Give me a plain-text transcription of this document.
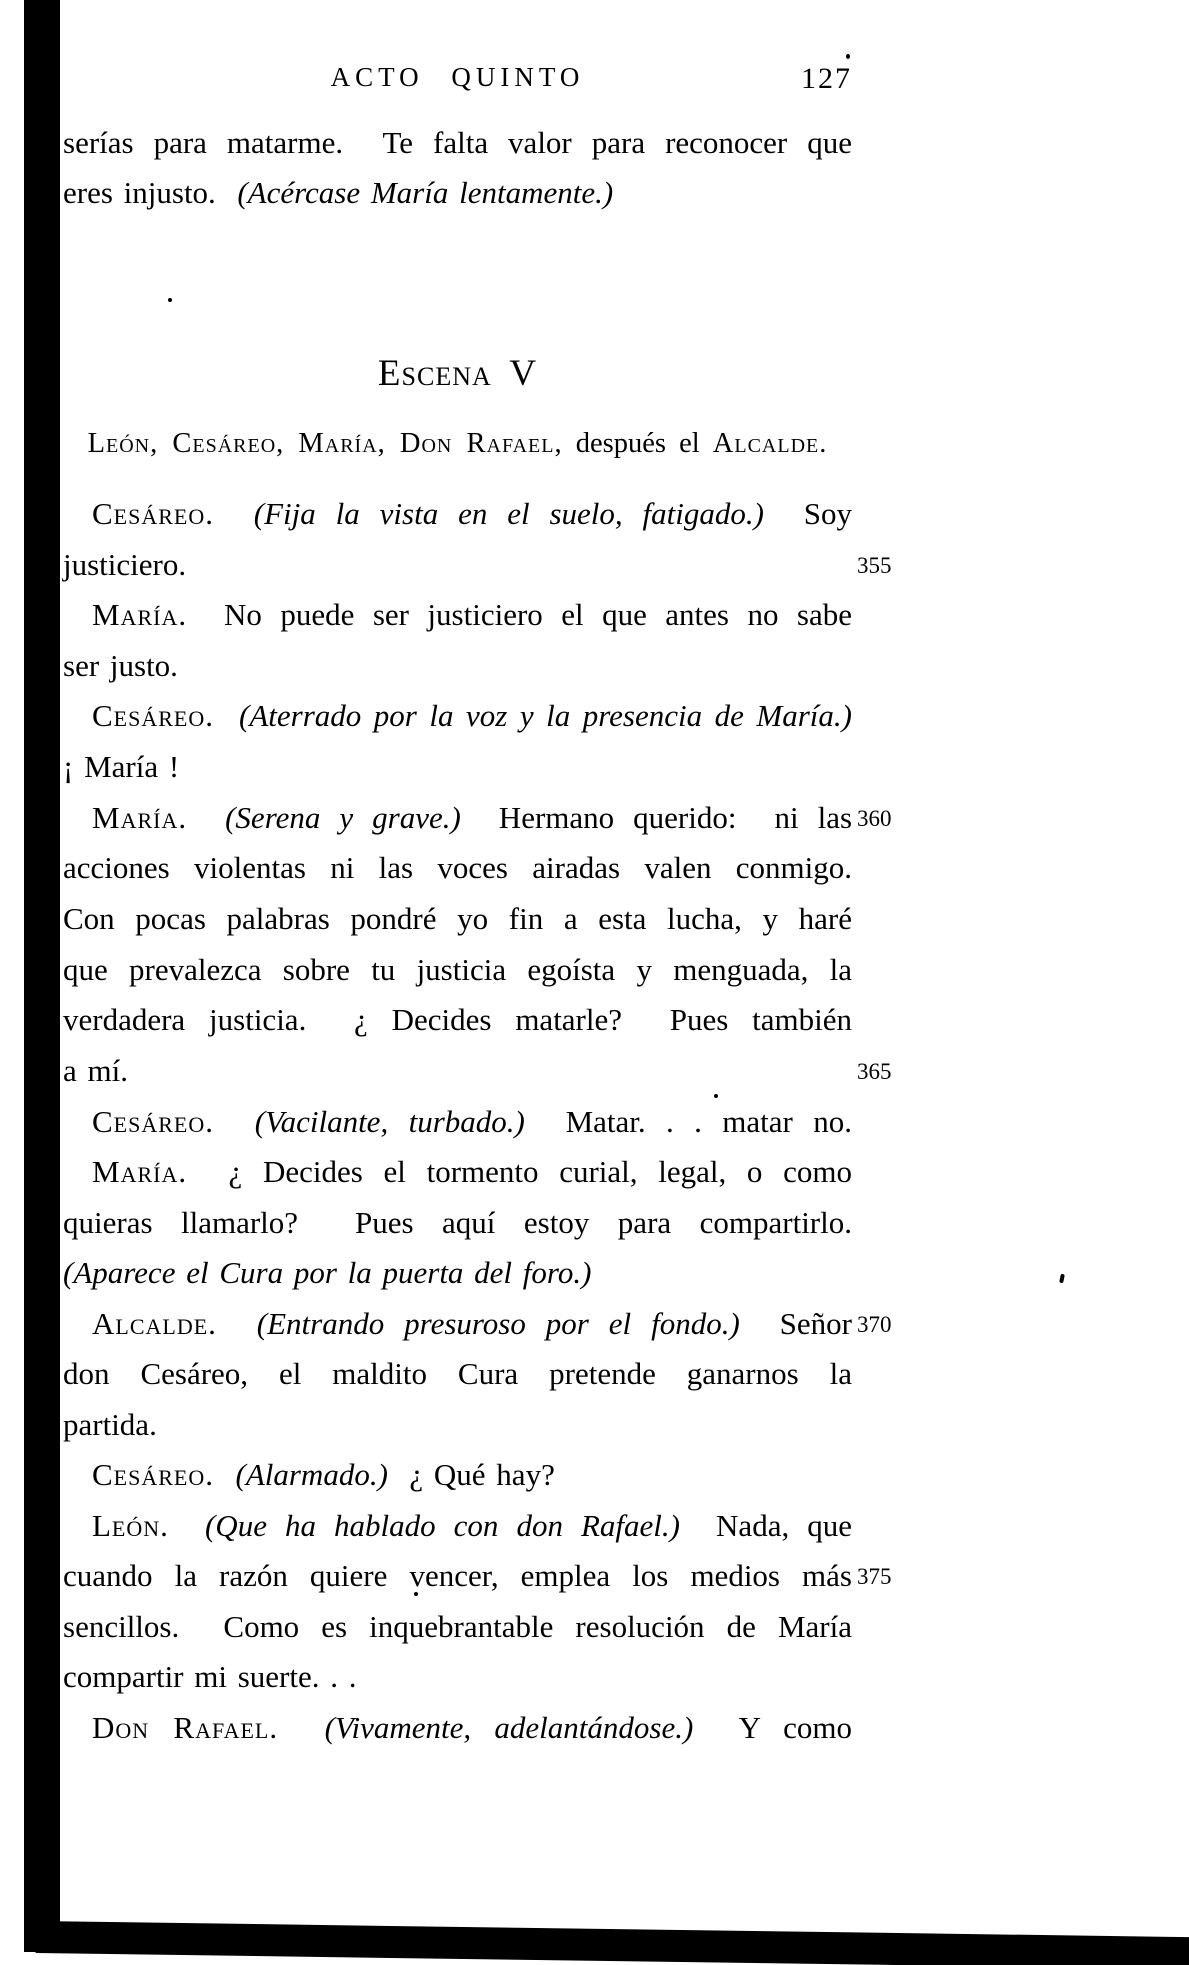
ACTO QUINTO	127
serías para matarme.  Te falta valor para reconocer que
eres injusto.  (Acércase María lentamente.)
Escena V
León, Cesáreo, María, Don Rafael, después el Alcalde.
Cesáreo. (Fija la vista en el suelo, fatigado.)  Soy
justiciero.	355
María.  No puede ser justiciero el que antes no sabe
ser justo.
Cesáreo. (Aterrado por la voz y la presencia de María.)
¡ María !
María. (Serena y grave.)  Hermano querido:  ni las 360
acciones violentas ni las voces airadas valen conmigo.
Con pocas palabras pondré yo fin a esta lucha, y haré
que prevalezca sobre tu justicia egoísta y menguada, la
verdadera justicia.  ¿ Decides matarle?  Pues también
a mí.	365
Cesáreo. (Vacilante, turbado.)  Matar. . . matar no.
María.  ¿ Decides el tormento curial, legal, o como
quieras llamarlo?  Pues aquí estoy para compartirlo.
(Aparece el Cura por la puerta del foro.)
Alcalde. (Entrando presuroso por el fondo.)  Señor 370
don Cesáreo, el maldito Cura pretende ganarnos la
partida.
Cesáreo. (Alarmado.)  ¿ Qué hay?
León. (Que ha hablado con don Rafael.)  Nada, que
cuando la razón quiere vencer, emplea los medios más 375
sencillos.  Como es inquebrantable resolución de María
compartir mi suerte. . .
Don Rafael. (Vivamente, adelantándose.)  Y como
